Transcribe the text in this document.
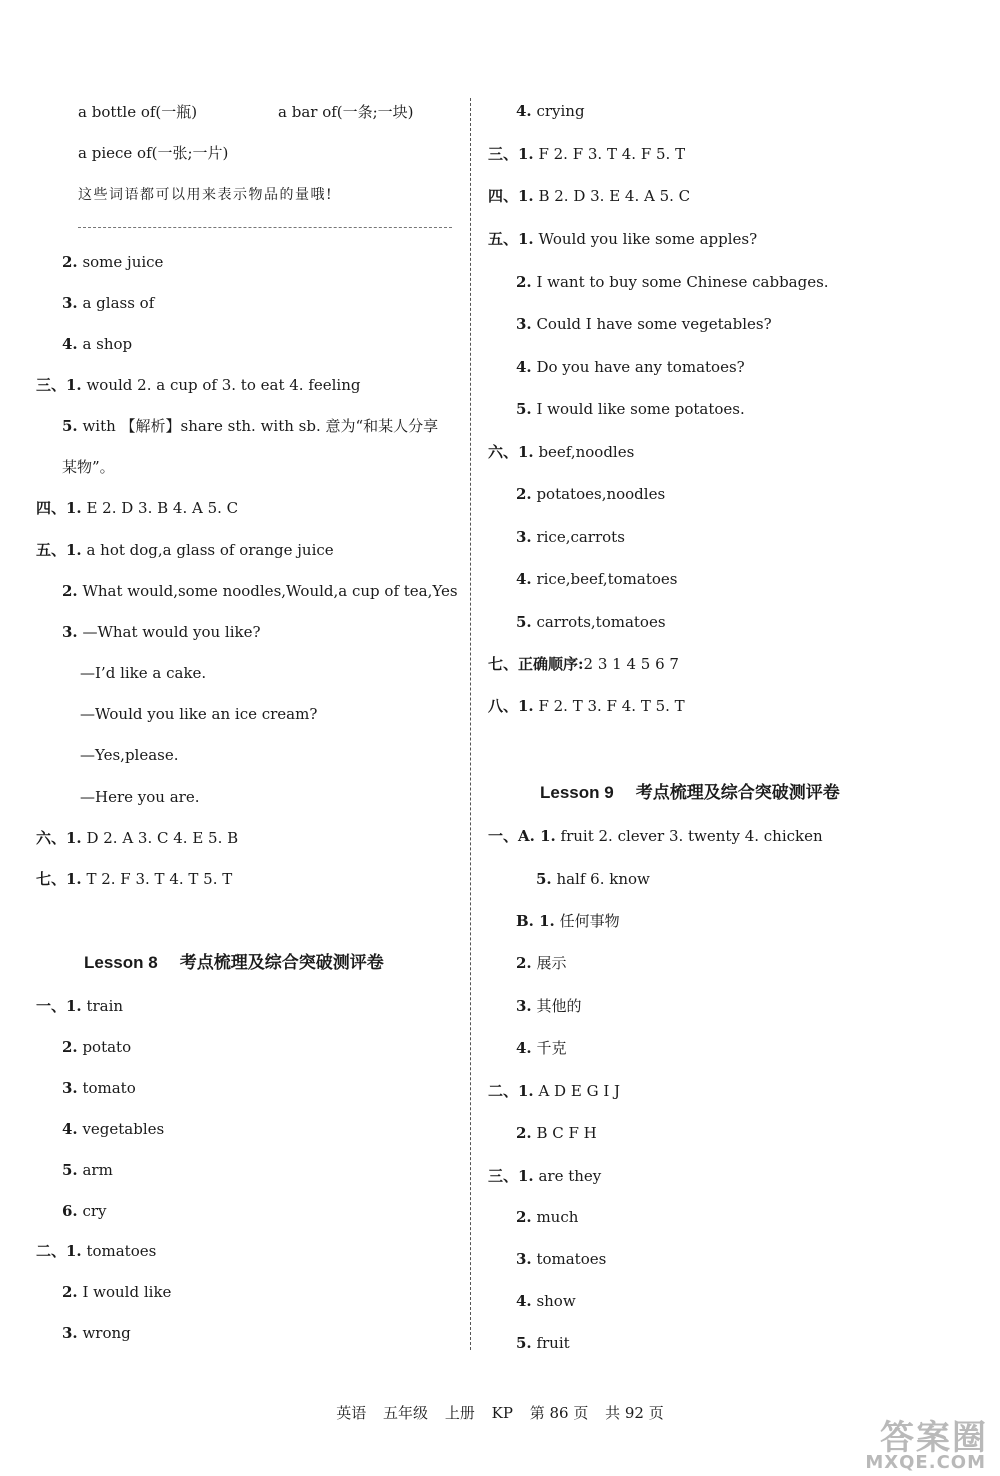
a bottle of(一瓶)	a bar of(一条;一块)
a piece of(一张;一片)
这些词语都可以用来表示物品的量哦!
2. some juice
3. a glass of
4. a shop
三、1. would 2. a cup of 3. to eat 4. feeling
5. with 【解析】share sth. with sb. 意为“和某人分享
某物”。
四、1. E 2. D 3. B 4. A 5. C
五、1. a hot dog,a glass of orange juice
2. What would,some noodles,Would,a cup of tea,Yes
3. —What would you like?
—I’d like a cake.
—Would you like an ice cream?
—Yes,please.
—Here you are.
六、1. D 2. A 3. C 4. E 5. B
七、1. T 2. F 3. T 4. T 5. T
Lesson 8 考点梳理及综合突破测评卷
一、1. train
2. potato
3. tomato
4. vegetables
5. arm
6. cry
二、1. tomatoes
2. I would like
3. wrong
4. crying
三、1. F 2. F 3. T 4. F 5. T
四、1. B 2. D 3. E 4. A 5. C
五、1. Would you like some apples?
2. I want to buy some Chinese cabbages.
3. Could I have some vegetables?
4. Do you have any tomatoes?
5. I would like some potatoes.
六、1. beef,noodles
2. potatoes,noodles
3. rice,carrots
4. rice,beef,tomatoes
5. carrots,tomatoes
七、正确顺序:2 3 1 4 5 6 7
八、1. F 2. T 3. F 4. T 5. T
Lesson 9 考点梳理及综合突破测评卷
一、A. 1. fruit 2. clever 3. twenty 4. chicken
5. half 6. know
B. 1. 任何事物
2. 展示
3. 其他的
4. 千克
二、1. A D E G I J
2. B C F H
三、1. are they
2. much
3. tomatoes
4. show
5. fruit
英语 五年级 上册 KP 第 86 页 共 92 页
答案圈
MXQE.COM
